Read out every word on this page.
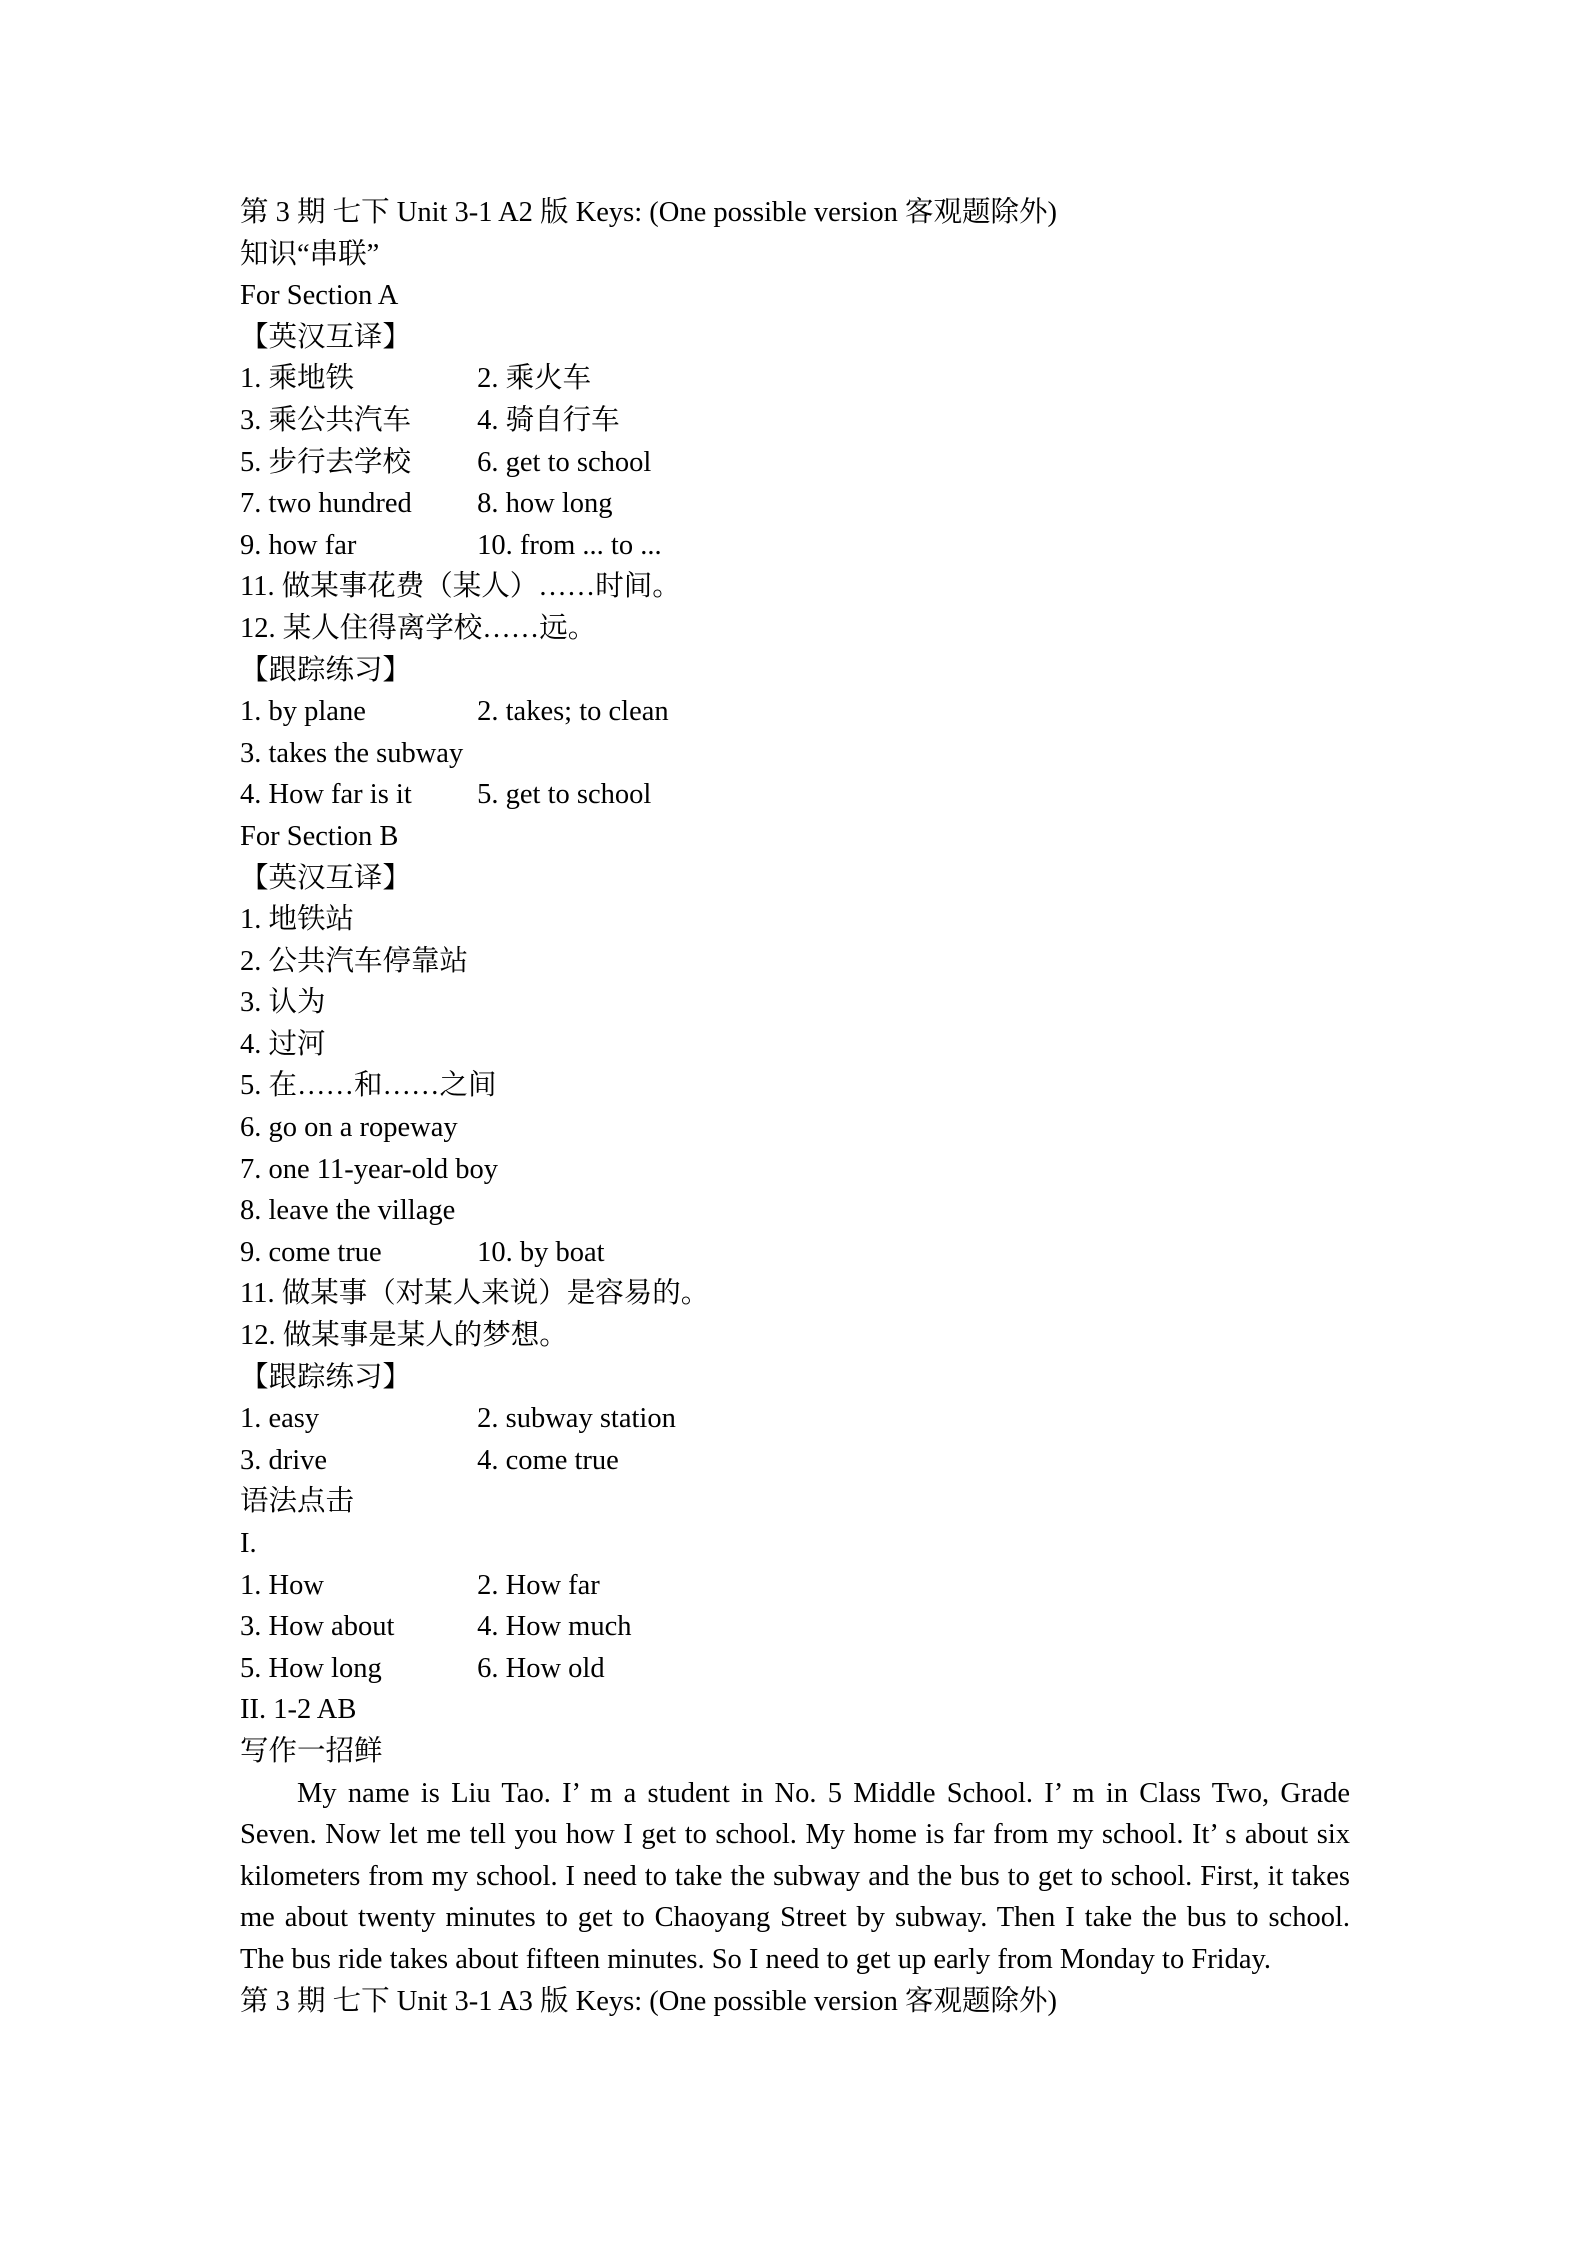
第 3 期 七下 Unit 3-1 A2 版 Keys: (One possible version 客观题除外)
知识“串联”
For Section A
【英汉互译】
1. 乘地铁	2. 乘火车
3. 乘公共汽车 4. 骑自行车
5. 步行去学校 6. get to school
7. two hundred 8. how long
9. how far	10. from ... to ...
11. 做某事花费（某人）……时间。
12. 某人住得离学校……远。
【跟踪练习】
1. by plane	2. takes; to clean
3. takes the subway
4. How far is it 5. get to school
For Section B
【英汉互译】
1. 地铁站
2. 公共汽车停靠站
3. 认为
4. 过河
5. 在……和……之间
6. go on a ropeway
7. one 11-year-old boy
8. leave the village
9. come true	10. by boat
11. 做某事（对某人来说）是容易的。
12. 做某事是某人的梦想。
【跟踪练习】
1. easy	2. subway station
3. drive	4. come true
语法点击
I.
1. How	2. How far
3. How about	4. How much
5. How long	6. How old
II. 1-2 AB
写作一招鲜

My name is Liu Tao. I’ m a student in No. 5 Middle School. I’ m in Class Two, Grade Seven. Now let me tell you how I get to school. My home is far from my school. It’ s about six kilometers from my school. I need to take the subway and the bus to get to school. First, it takes me about twenty minutes to get to Chaoyang Street by subway. Then I take the bus to school. The bus ride takes about fifteen minutes. So I need to get up early from Monday to Friday.

第 3 期 七下 Unit 3-1 A3 版 Keys: (One possible version 客观题除外)
